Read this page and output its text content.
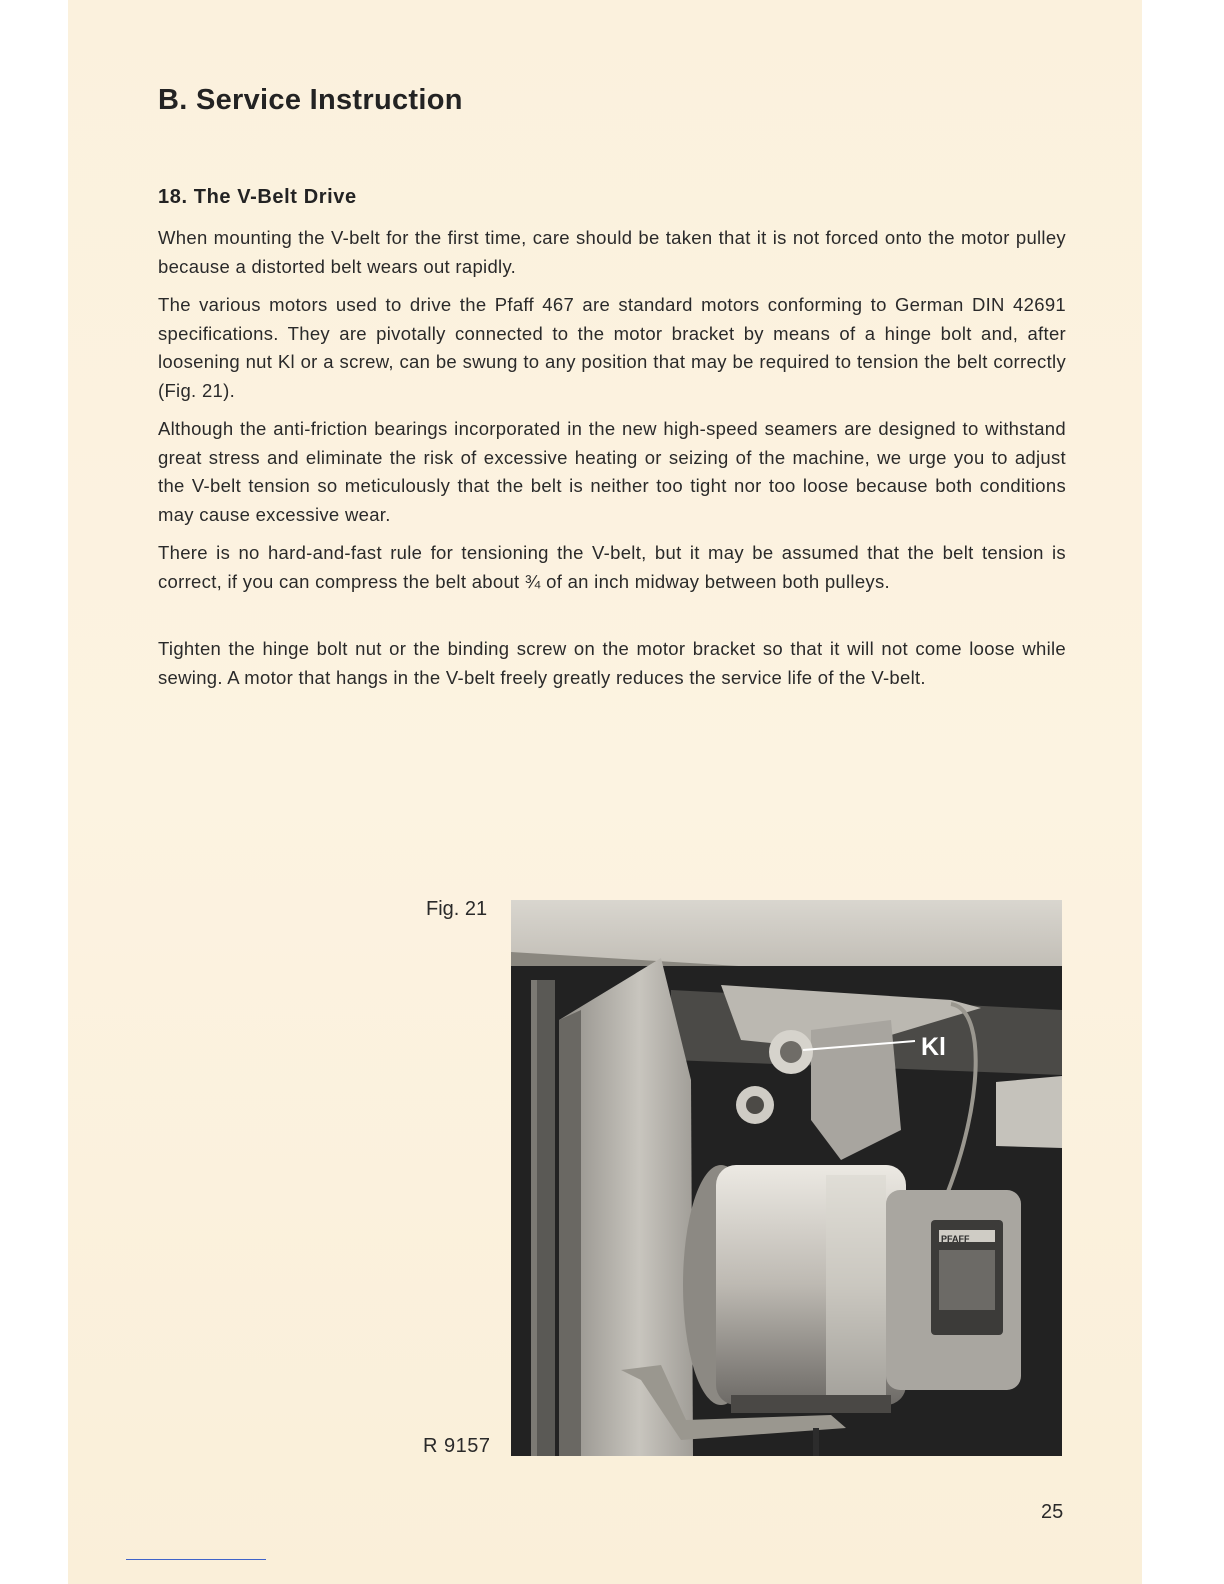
B. Service Instruction
18. The V-Belt Drive

When mounting the V-belt for the first time, care should be taken that it is not forced onto the motor pulley because a distorted belt wears out rapidly.

The various motors used to drive the Pfaff 467 are standard motors conforming to German DIN 42691 specifications. They are pivotally connected to the motor bracket by means of a hinge bolt and, after loosening nut Kl or a screw, can be swung to any position that may be required to tension the belt correctly (Fig. 21).

Although the anti-friction bearings incorporated in the new high-speed seamers are designed to withstand great stress and eliminate the risk of excessive heating or seizing of the machine, we urge you to adjust the V-belt tension so meticulously that the belt is neither too tight nor too loose because both conditions may cause excessive wear.

There is no hard-and-fast rule for tensioning the V-belt, but it may be assumed that the belt tension is correct, if you can compress the belt about ¾ of an inch midway between both pulleys.

Tighten the hinge bolt nut or the binding screw on the motor bracket so that it will not come loose while sewing. A motor that hangs in the V-belt freely greatly reduces the service life of the V-belt.

Fig. 21
R 9157
Kl
PFAFF
25
